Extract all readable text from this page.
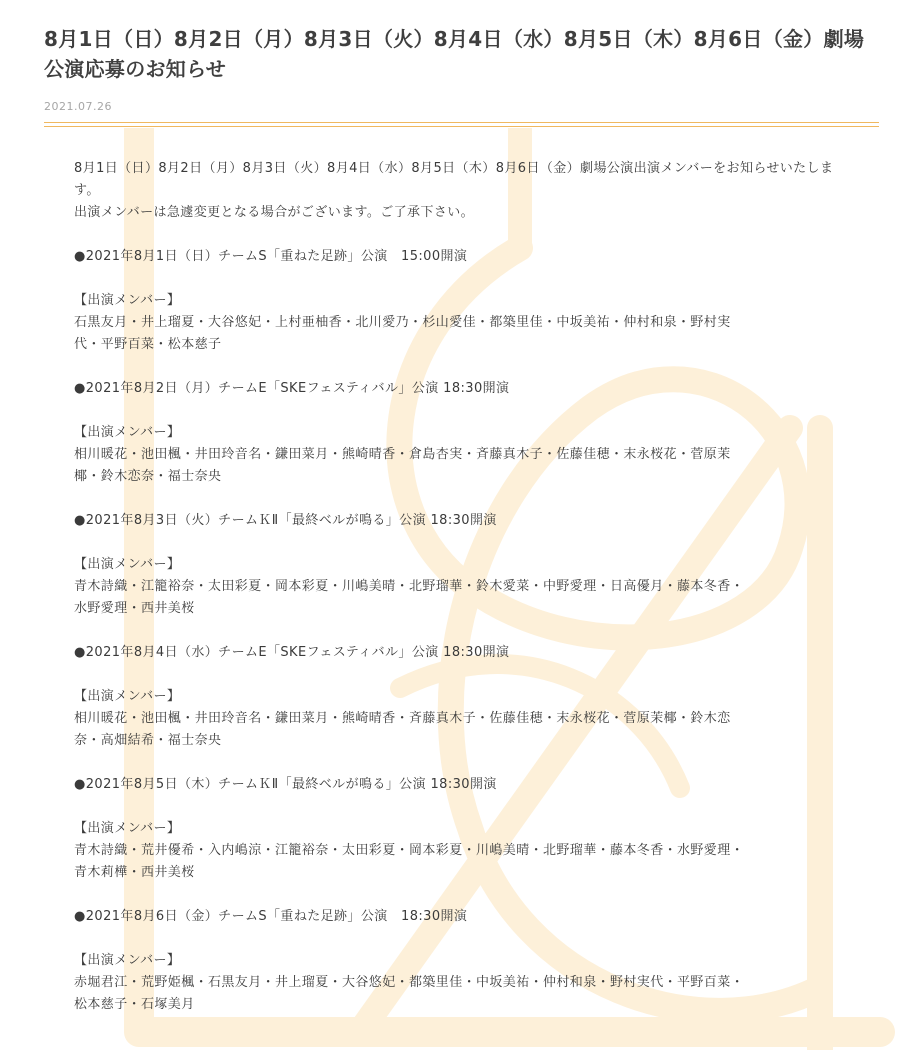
8月1日（日）8月2日（月）8月3日（火）8月4日（水）8月5日（木）8月6日（金）劇場公演応募のお知らせ
2021.07.26

8月1日（日）8月2日（月）8月3日（火）8月4日（水）8月5日（木）8月6日（金）劇場公演出演メンバーをお知らせいたしま
す。
出演メンバーは急遽変更となる場合がございます。ご了承下さい。

●2021年8月1日（日）チームS「重ねた足跡」公演　15:00開演

【出演メンバー】

石黒友月・井上瑠夏・大谷悠妃・上村亜柚香・北川愛乃・杉山愛佳・都築里佳・中坂美祐・仲村和泉・野村実
代・平野百菜・松本慈子

●2021年8月2日（月）チームE「SKEフェスティバル」公演 18:30開演

【出演メンバー】

相川暖花・池田楓・井田玲音名・鎌田菜月・熊崎晴香・倉島杏実・斉藤真木子・佐藤佳穂・末永桜花・菅原茉
椰・鈴木恋奈・福士奈央

●2021年8月3日（火）チームＫⅡ「最終ベルが鳴る」公演 18:30開演

【出演メンバー】

青木詩織・江籠裕奈・太田彩夏・岡本彩夏・川嶋美晴・北野瑠華・鈴木愛菜・中野愛理・日高優月・藤本冬香・
水野愛理・西井美桜

●2021年8月4日（水）チームE「SKEフェスティバル」公演 18:30開演

【出演メンバー】

相川暖花・池田楓・井田玲音名・鎌田菜月・熊崎晴香・斉藤真木子・佐藤佳穂・末永桜花・菅原茉椰・鈴木恋
奈・高畑結希・福士奈央

●2021年8月5日（木）チームＫⅡ「最終ベルが鳴る」公演 18:30開演

【出演メンバー】

青木詩織・荒井優希・入内嶋涼・江籠裕奈・太田彩夏・岡本彩夏・川嶋美晴・北野瑠華・藤本冬香・水野愛理・
青木莉樺・西井美桜

●2021年8月6日（金）チームS「重ねた足跡」公演　18:30開演

【出演メンバー】

赤堀君江・荒野姫楓・石黒友月・井上瑠夏・大谷悠妃・都築里佳・中坂美祐・仲村和泉・野村実代・平野百菜・
松本慈子・石塚美月
